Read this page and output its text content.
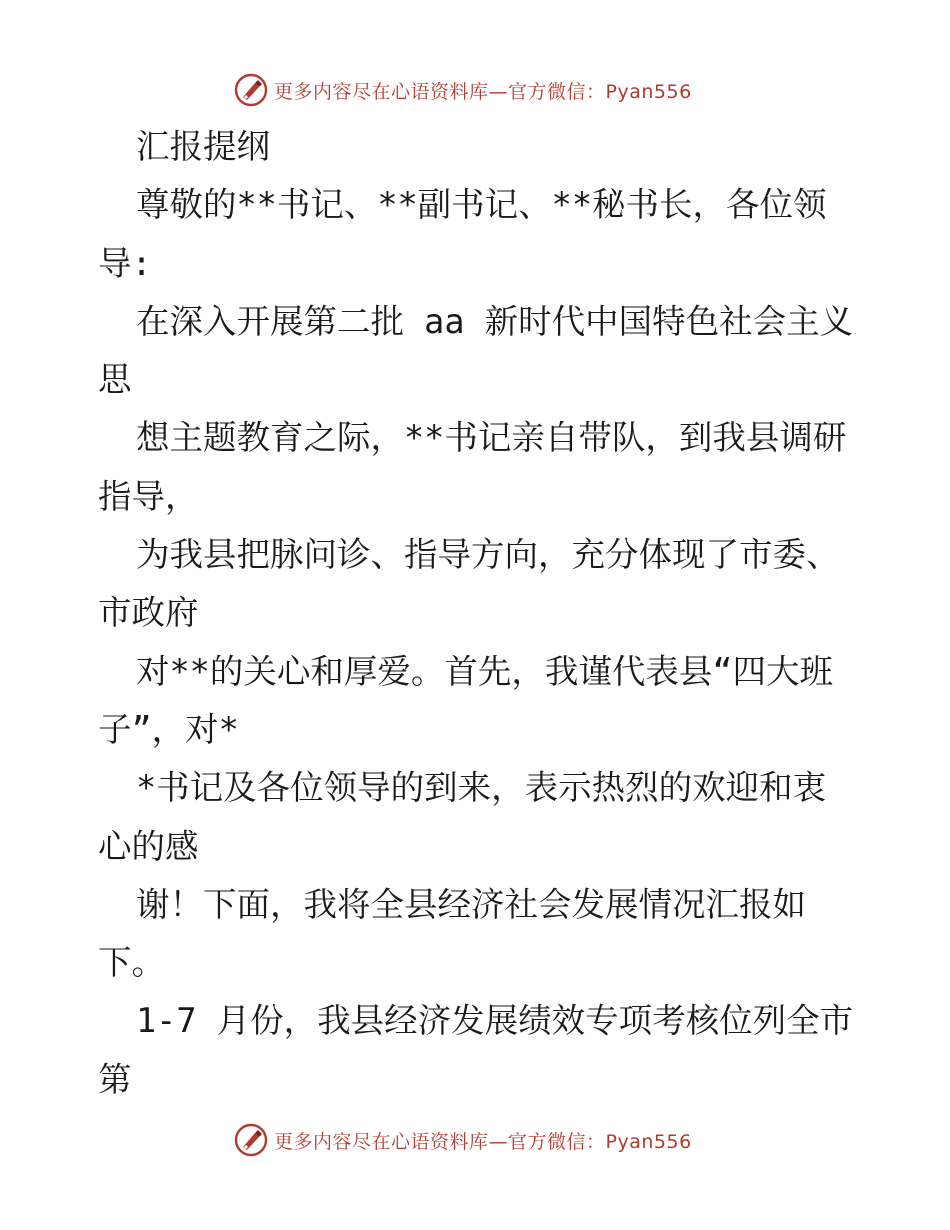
更多内容尽在心语资料库—官方微信：Pyan556
汇报提纲
尊敬的**书记、**副书记、**秘书长，各位领
导:
在深入开展第二批 aa 新时代中国特色社会主义
思
想主题教育之际，**书记亲自带队，到我县调研
指导，
为我县把脉问诊、指导方向，充分体现了市委、
市政府
对**的关心和厚爱。首先，我谨代表县“四大班
子”，对*
*书记及各位领导的到来，表示热烈的欢迎和衷
心的感
谢！下面，我将全县经济社会发展情况汇报如
下。
1-7 月份，我县经济发展绩效专项考核位列全市
第
更多内容尽在心语资料库—官方微信：Pyan556
